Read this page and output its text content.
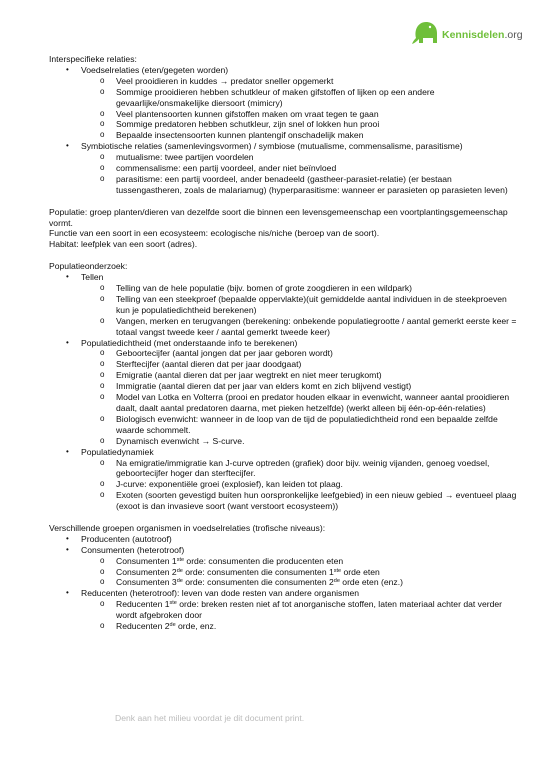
Kennisdelen.org
Interspecifieke relaties:
• Voedselrelaties (eten/gegeten worden)
o Veel prooidieren in kuddes → predator sneller opgemerkt
o Sommige prooidieren hebben schutkleur of maken gifstoffen of lijken op een andere gevaarlijke/onsmakelijke diersoort (mimicry)
o Veel plantensoorten kunnen gifstoffen maken om vraat tegen te gaan
o Sommige predatoren hebben schutkleur, zijn snel of lokken hun prooi
o Bepaalde insectensoorten kunnen plantengif onschadelijk maken
• Symbiotische relaties (samenlevingsvormen) / symbiose (mutualisme, commensalisme, parasitisme)
o mutualisme: twee partijen voordelen
o commensalisme: een partij voordeel, ander niet beïnvloed
o parasitisme: een partij voordeel, ander benadeeld (gastheer-parasiet-relatie) (er bestaan tussengastheren, zoals de malariamug) (hyperparasitisme: wanneer er parasieten op parasieten leven)
Populatie: groep planten/dieren van dezelfde soort die binnen een levensgemeenschap een voortplantingsgemeenschap vormt.
Functie van een soort in een ecosysteem: ecologische nis/niche (beroep van de soort).
Habitat: leefplek van een soort (adres).
Populatieonderzoek:
• Tellen
o Telling van de hele populatie (bijv. bomen of grote zoogdieren in een wildpark)
o Telling van een steekproef (bepaalde oppervlakte)(uit gemiddelde aantal individuen in de steekproeven kun je populatiedichtheid berekenen)
o Vangen, merken en terugvangen (berekening: onbekende populatiegrootte / aantal gemerkt eerste keer = totaal vangst tweede keer / aantal gemerkt tweede keer)
• Populatiedichtheid (met onderstaande info te berekenen)
o Geboortecijfer (aantal jongen dat per jaar geboren wordt)
o Sterftecijfer (aantal dieren dat per jaar doodgaat)
o Emigratie (aantal dieren dat per jaar wegtrekt en niet meer terugkomt)
o Immigratie (aantal dieren dat per jaar van elders komt en zich blijvend vestigt)
o Model van Lotka en Volterra (prooi en predator houden elkaar in evenwicht, wanneer aantal prooidieren daalt, daalt aantal predatoren daarna, met pieken hetzelfde) (werkt alleen bij één-op-één-relaties)
o Biologisch evenwicht: wanneer in de loop van de tijd de populatiedichtheid rond een bepaalde zelfde waarde schommelt.
o Dynamisch evenwicht → S-curve.
• Populatiedynamiek
o Na emigratie/immigratie kan J-curve optreden (grafiek) door bijv. weinig vijanden, genoeg voedsel, geboortecijfer hoger dan sterftecijfer.
o J-curve: exponentiële groei (explosief), kan leiden tot plaag.
o Exoten (soorten gevestigd buiten hun oorspronkelijke leefgebied) in een nieuw gebied → eventueel plaag (exoot is dan invasieve soort (want verstoort ecosysteem))
Verschillende groepen organismen in voedselrelaties (trofische niveaus):
• Producenten (autotroof)
• Consumenten (heterotroof)
o Consumenten 1ste orde: consumenten die producenten eten
o Consumenten 2de orde: consumenten die consumenten 1ste orde eten
o Consumenten 3de orde: consumenten die consumenten 2de orde eten (enz.)
• Reducenten (heterotroof): leven van dode resten van andere organismen
o Reducenten 1ste orde: breken resten niet af tot anorganische stoffen, laten materiaal achter dat verder wordt afgebroken door
o Reducenten 2de orde, enz.
Denk aan het milieu voordat je dit document print.
